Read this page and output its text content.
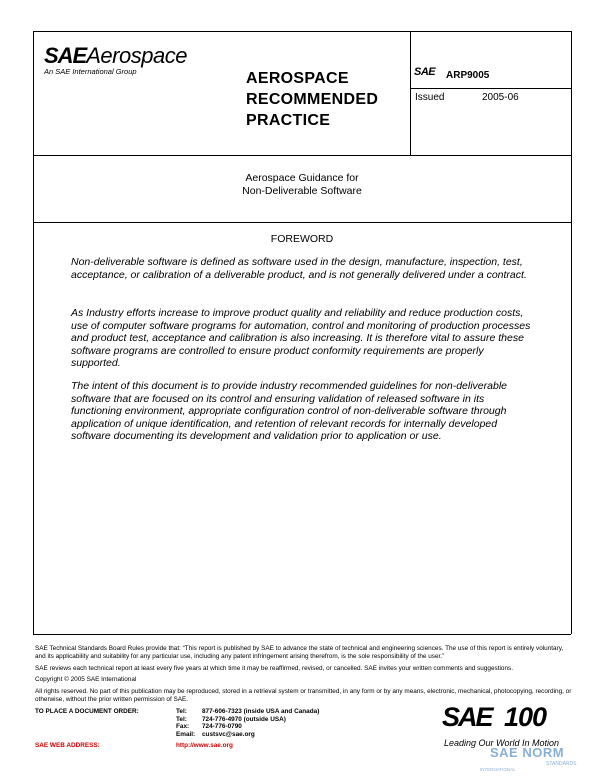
SAEAerospace
An SAE International Group	AEROSPACE
RECOMMENDED
PRACTICE
SAE ARP9005
Issued	2005-06
Aerospace Guidance for
Non-Deliverable Software
FOREWORD
Non-deliverable software is defined as software used in the design, manufacture, inspection, test, acceptance, or calibration of a deliverable product, and is not generally delivered under a contract.
As Industry efforts increase to improve product quality and reliability and reduce production costs, use of computer software programs for automation, control and monitoring of production processes and product test, acceptance and calibration is also increasing. It is therefore vital to assure these software programs are controlled to ensure product conformity requirements are properly supported.
The intent of this document is to provide industry recommended guidelines for non-deliverable software that are focused on its control and ensuring validation of released software in its functioning environment, appropriate configuration control of non-deliverable software through application of unique identification, and retention of relevant records for internally developed software documenting its development and validation prior to application or use.
SAE Technical Standards Board Rules provide that: “This report is published by SAE to advance the state of technical and engineering sciences. The use of this report is entirely voluntary, and its applicability and suitability for any particular use, including any patent infringement arising therefrom, is the sole responsibility of the user.”
SAE reviews each technical report at least every five years at which time it may be reaffirmed, revised, or cancelled. SAE invites your written comments and suggestions.
Copyright © 2005 SAE International
All rights reserved. No part of this publication may be reproduced, stored in a retrieval system or transmitted, in any form or by any means, electronic, mechanical, photocopying, recording, or otherwise, without the prior written permission of SAE.
TO PLACE A DOCUMENT ORDER:	Tel: 877-606-7323 (inside USA and Canada)
Tel: 724-776-4970 (outside USA)
Fax: 724-776-0790
Email: custsvc@sae.org
SAE WEB ADDRESS:	http://www.sae.org
SAE 100
Leading Our World In Motion
SAE NORM
STANDARDS
INTERNATIONAL
